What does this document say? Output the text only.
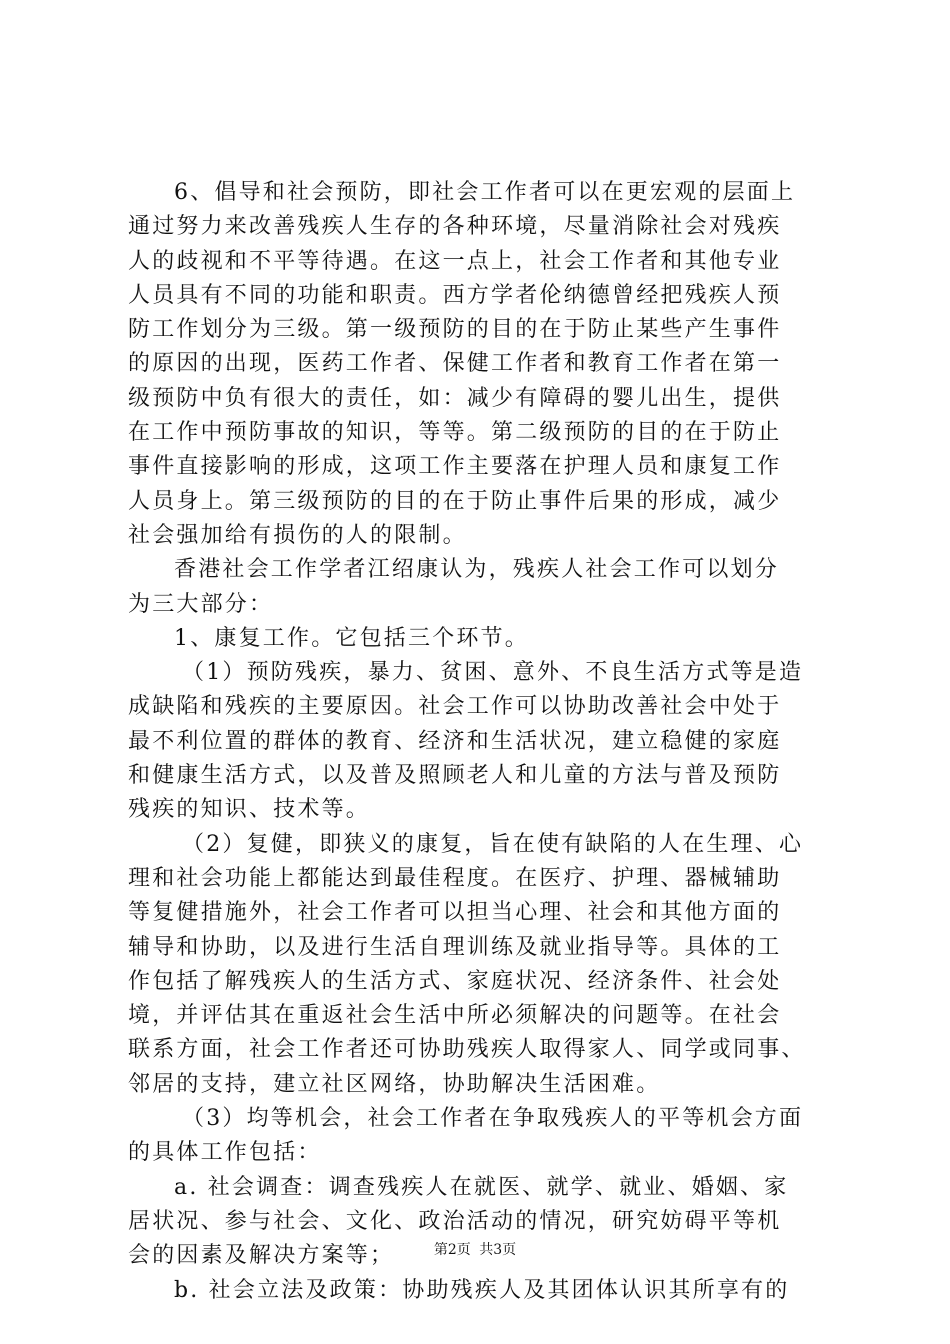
6、倡导和社会预防，即社会工作者可以在更宏观的层面上
通过努力来改善残疾人生存的各种环境，尽量消除社会对残疾
人的歧视和不平等待遇。在这一点上，社会工作者和其他专业
人员具有不同的功能和职责。西方学者伦纳德曾经把残疾人预
防工作划分为三级。第一级预防的目的在于防止某些产生事件
的原因的出现，医药工作者、保健工作者和教育工作者在第一
级预防中负有很大的责任，如：减少有障碍的婴儿出生，提供
在工作中预防事故的知识，等等。第二级预防的目的在于防止
事件直接影响的形成，这项工作主要落在护理人员和康复工作
人员身上。第三级预防的目的在于防止事件后果的形成，减少
社会强加给有损伤的人的限制。
香港社会工作学者江绍康认为，残疾人社会工作可以划分
为三大部分：
1、康复工作。它包括三个环节。
（1）预防残疾，暴力、贫困、意外、不良生活方式等是造
成缺陷和残疾的主要原因。社会工作可以协助改善社会中处于
最不利位置的群体的教育、经济和生活状况，建立稳健的家庭
和健康生活方式，以及普及照顾老人和儿童的方法与普及预防
残疾的知识、技术等。
（2）复健，即狭义的康复，旨在使有缺陷的人在生理、心
理和社会功能上都能达到最佳程度。在医疗、护理、器械辅助
等复健措施外，社会工作者可以担当心理、社会和其他方面的
辅导和协助，以及进行生活自理训练及就业指导等。具体的工
作包括了解残疾人的生活方式、家庭状况、经济条件、社会处
境，并评估其在重返社会生活中所必须解决的问题等。在社会
联系方面，社会工作者还可协助残疾人取得家人、同学或同事、
邻居的支持，建立社区网络，协助解决生活困难。
（3）均等机会，社会工作者在争取残疾人的平等机会方面
的具体工作包括：
a. 社会调查：调查残疾人在就医、就学、就业、婚姻、家
居状况、参与社会、文化、政治活动的情况，研究妨碍平等机
会的因素及解决方案等；
b. 社会立法及政策：协助残疾人及其团体认识其所享有的
第2页 共3页
